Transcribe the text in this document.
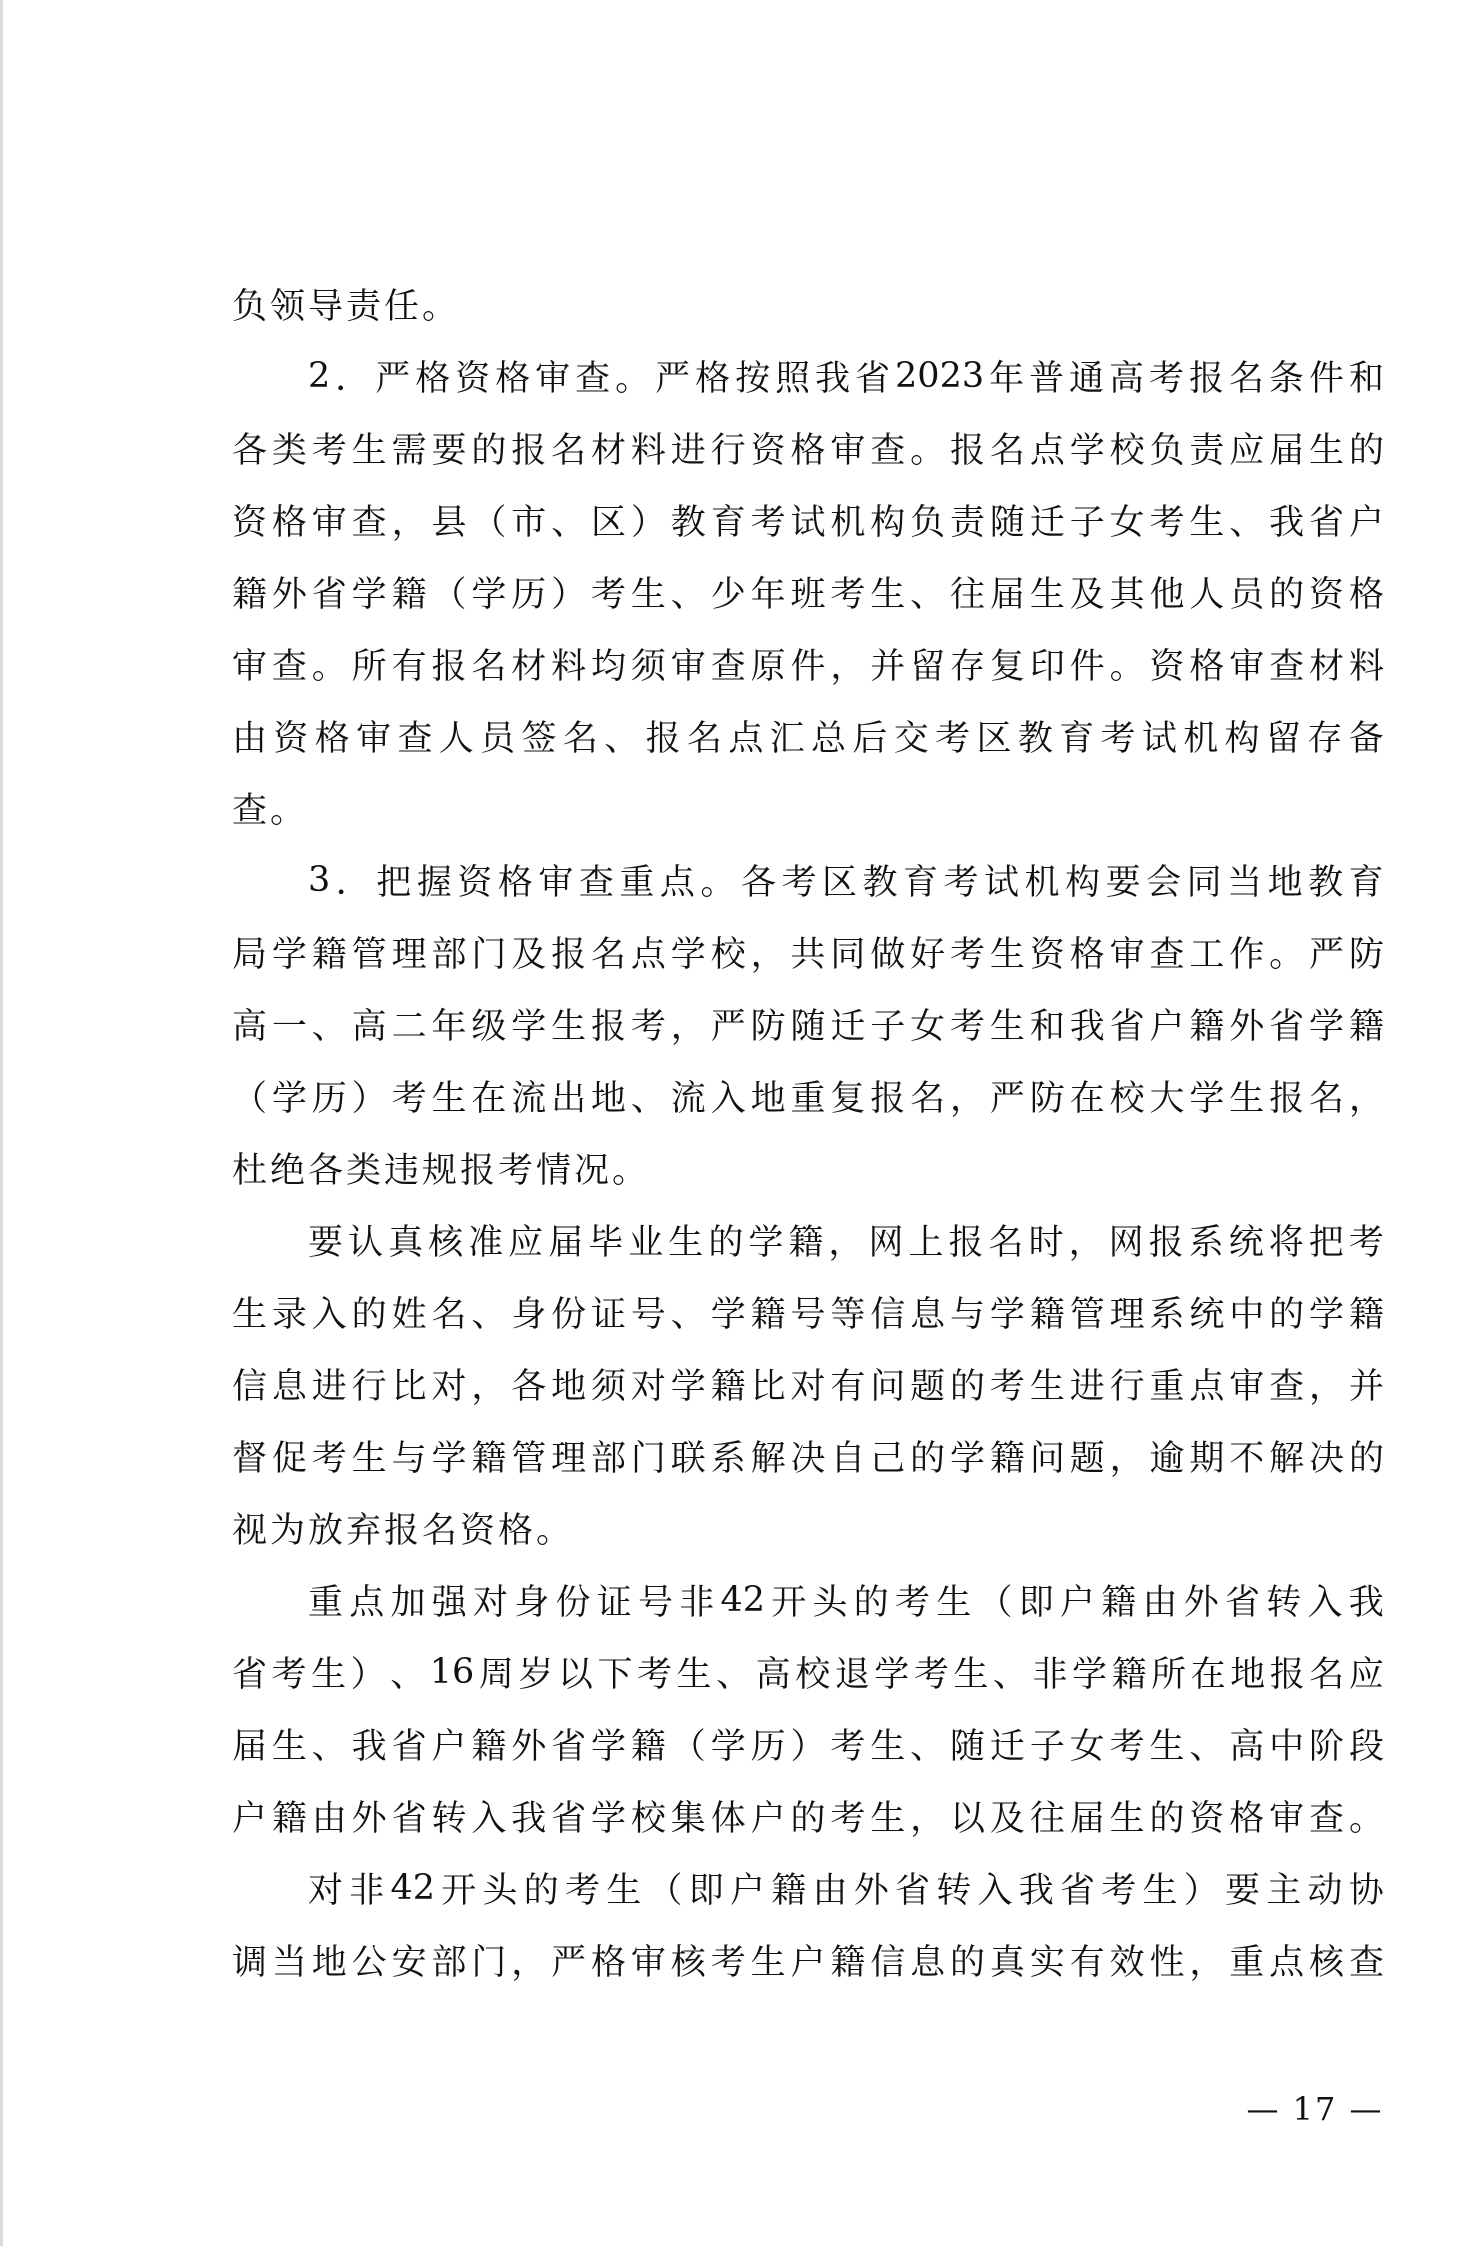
负领导责任。
2 ． 严 格 资 格 审 查 。 严 格 按 照 我 省 2023 年 普 通 高 考 报 名 条 件 和
各 类 考 生 需 要 的 报 名 材 料 进 行 资 格 审 查 。 报 名 点 学 校 负 责 应 届 生 的
资 格 审 查 ， 县 （ 市 、 区 ） 教 育 考 试 机 构 负 责 随 迁 子 女 考 生 、 我 省 户
籍 外 省 学 籍 （ 学 历 ） 考 生 、 少 年 班 考 生 、 往 届 生 及 其 他 人 员 的 资 格
审 查 。 所 有 报 名 材 料 均 须 审 查 原 件 ， 并 留 存 复 印 件 。 资 格 审 查 材 料
由 资 格 审 查 人 员 签 名 、 报 名 点 汇 总 后 交 考 区 教 育 考 试 机 构 留 存 备
查。
3 ． 把 握 资 格 审 查 重 点 。 各 考 区 教 育 考 试 机 构 要 会 同 当 地 教 育
局 学 籍 管 理 部 门 及 报 名 点 学 校 ， 共 同 做 好 考 生 资 格 审 查 工 作 。 严 防
高 一 、 高 二 年 级 学 生 报 考 ， 严 防 随 迁 子 女 考 生 和 我 省 户 籍 外 省 学 籍
（ 学 历 ） 考 生 在 流 出 地 、 流 入 地 重 复 报 名 ， 严 防 在 校 大 学 生 报 名 ，
杜绝各类违规报考情况。
要 认 真 核 准 应 届 毕 业 生 的 学 籍 ， 网 上 报 名 时 ， 网 报 系 统 将 把 考
生 录 入 的 姓 名 、 身 份 证 号 、 学 籍 号 等 信 息 与 学 籍 管 理 系 统 中 的 学 籍
信 息 进 行 比 对 ， 各 地 须 对 学 籍 比 对 有 问 题 的 考 生 进 行 重 点 审 查 ， 并
督 促 考 生 与 学 籍 管 理 部 门 联 系 解 决 自 己 的 学 籍 问 题 ， 逾 期 不 解 决 的
视为放弃报名资格。
重 点 加 强 对 身 份 证 号 非 42 开 头 的 考 生 （ 即 户 籍 由 外 省 转 入 我
省 考 生 ） 、 16 周 岁 以 下 考 生 、 高 校 退 学 考 生 、 非 学 籍 所 在 地 报 名 应
届 生 、 我 省 户 籍 外 省 学 籍 （ 学 历 ） 考 生 、 随 迁 子 女 考 生 、 高 中 阶 段
户 籍 由 外 省 转 入 我 省 学 校 集 体 户 的 考 生 ， 以 及 往 届 生 的 资 格 审 查 。
对 非 42 开 头 的 考 生 （ 即 户 籍 由 外 省 转 入 我 省 考 生 ） 要 主 动 协
调 当 地 公 安 部 门 ， 严 格 审 核 考 生 户 籍 信 息 的 真 实 有 效 性 ， 重 点 核 查
— 17 —
